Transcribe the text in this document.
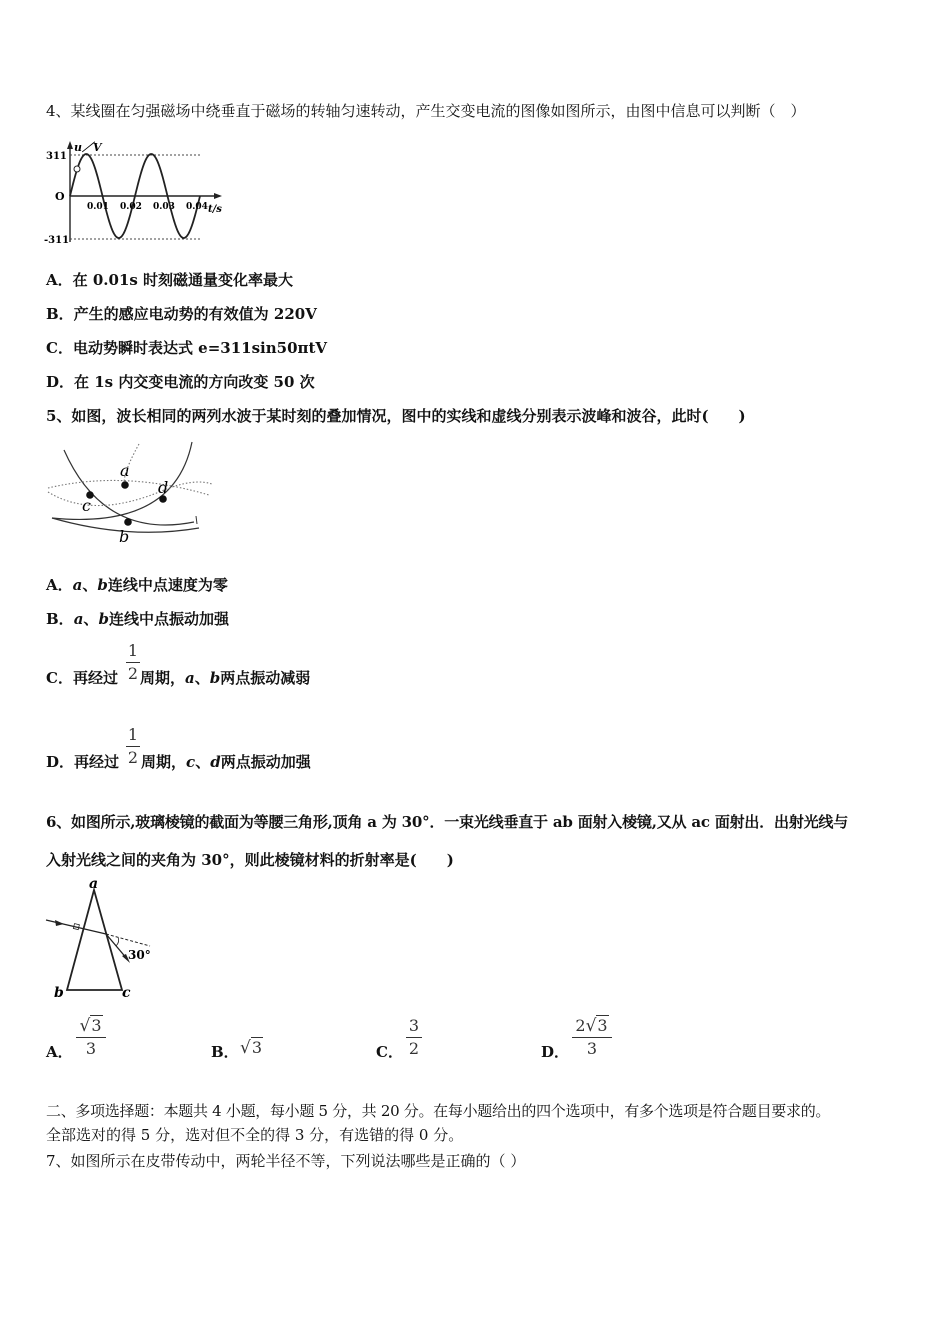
4、某线圈在匀强磁场中绕垂直于磁场的转轴匀速转动，产生交变电流的图像如图所示，由图中信息可以判断（　）
u／V
311
O
-311
0.01 0.02 0.03 0.04 t/s
A．在 0.01s 时刻磁通量变化率最大
B．产生的感应电动势的有效值为 220V
C．电动势瞬时表达式 e=311sin50πtV
D．在 1s 内交变电流的方向改变 50 次
5、如图，波长相同的两列水波于某时刻的叠加情况，图中的实线和虚线分别表示波峰和波谷，此时(　　)
a
c
d
b
A．a、b连线中点速度为零
B．a、b连线中点振动加强
C．再经过 周期，a、b两点振动减弱
1
2
D．再经过 周期，c、d两点振动加强
1
2
6、如图所示,玻璃棱镜的截面为等腰三角形,顶角 a 为 30°．一束光线垂直于 ab 面射入棱镜,又从 ac 面射出．出射光线与
入射光线之间的夹角为 30°，则此棱镜材料的折射率是(　　)
a
b	c
30°
A．
√3
3	B． √3	C．
3
2	D．
2√3
3
二、多项选择题：本题共 4 小题，每小题 5 分，共 20 分。在每小题给出的四个选项中，有多个选项是符合题目要求的。
全部选对的得 5 分，选对但不全的得 3 分，有选错的得 0 分。
7、如图所示在皮带传动中，两轮半径不等，下列说法哪些是正确的（ ）
